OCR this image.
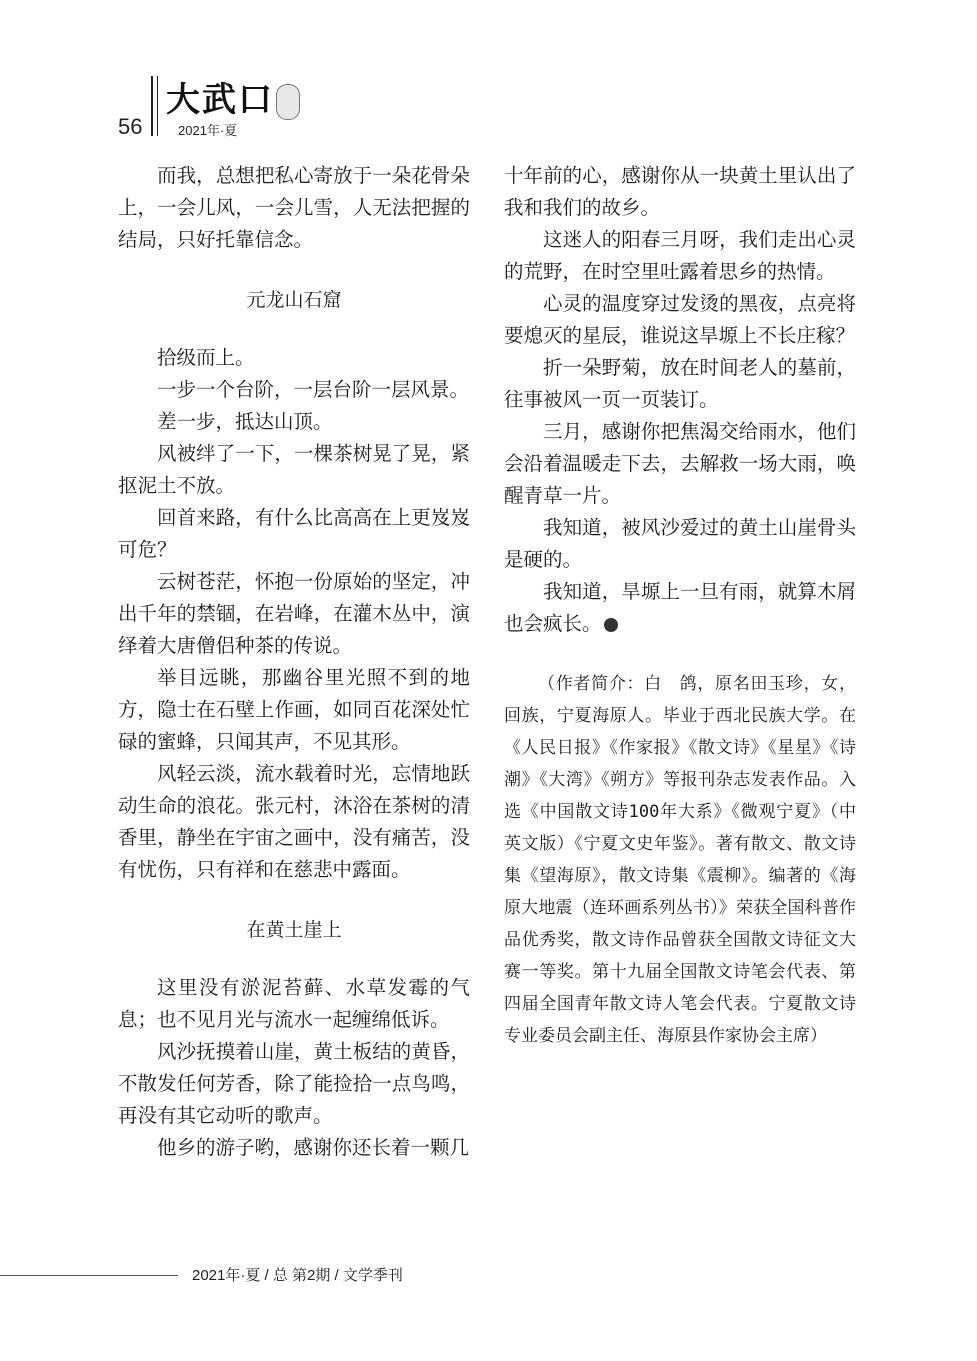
56
大武口
2021年·夏

而我，总想把私心寄放于一朵花骨朵上，一会儿风，一会儿雪，人无法把握的结局，只好托靠信念。

元龙山石窟

拾级而上。

一步一个台阶，一层台阶一层风景。

差一步，抵达山顶。

风被绊了一下，一棵茶树晃了晃，紧抠泥土不放。

回首来路，有什么比高高在上更岌岌可危？

云树苍茫，怀抱一份原始的坚定，冲出千年的禁锢，在岩峰，在灌木丛中，演绎着大唐僧侣种茶的传说。

举目远眺，那幽谷里光照不到的地方，隐士在石壁上作画，如同百花深处忙碌的蜜蜂，只闻其声，不见其形。

风轻云淡，流水载着时光，忘情地跃动生命的浪花。张元村，沐浴在茶树的清香里，静坐在宇宙之画中，没有痛苦，没有忧伤，只有祥和在慈悲中露面。

在黄土崖上

这里没有淤泥苔藓、水草发霉的气息；也不见月光与流水一起缠绵低诉。

风沙抚摸着山崖，黄土板结的黄昏，不散发任何芳香，除了能捡拾一点鸟鸣，再没有其它动听的歌声。

他乡的游子哟，感谢你还长着一颗几

十年前的心，感谢你从一块黄土里认出了我和我们的故乡。

这迷人的阳春三月呀，我们走出心灵的荒野，在时空里吐露着思乡的热情。

心灵的温度穿过发烫的黑夜，点亮将要熄灭的星辰，谁说这旱塬上不长庄稼？

折一朵野菊，放在时间老人的墓前，往事被风一页一页装订。

三月，感谢你把焦渴交给雨水，他们会沿着温暖走下去，去解救一场大雨，唤醒青草一片。

我知道，被风沙爱过的黄土山崖骨头是硬的。

我知道，旱塬上一旦有雨，就算木屑也会疯长。

（作者简介：白　鸽，原名田玉珍，女，回族，宁夏海原人。毕业于西北民族大学。在《人民日报》《作家报》《散文诗》《星星》《诗潮》《大湾》《朔方》等报刊杂志发表作品。入选《中国散文诗100年大系》《微观宁夏》（中英文版）《宁夏文史年鉴》。著有散文、散文诗集《望海原》，散文诗集《震柳》。编著的《海原大地震（连环画系列丛书）》荣获全国科普作品优秀奖，散文诗作品曾获全国散文诗征文大赛一等奖。第十九届全国散文诗笔会代表、第四届全国青年散文诗人笔会代表。宁夏散文诗专业委员会副主任、海原县作家协会主席）

2021年·夏 / 总 第2期 / 文学季刊
